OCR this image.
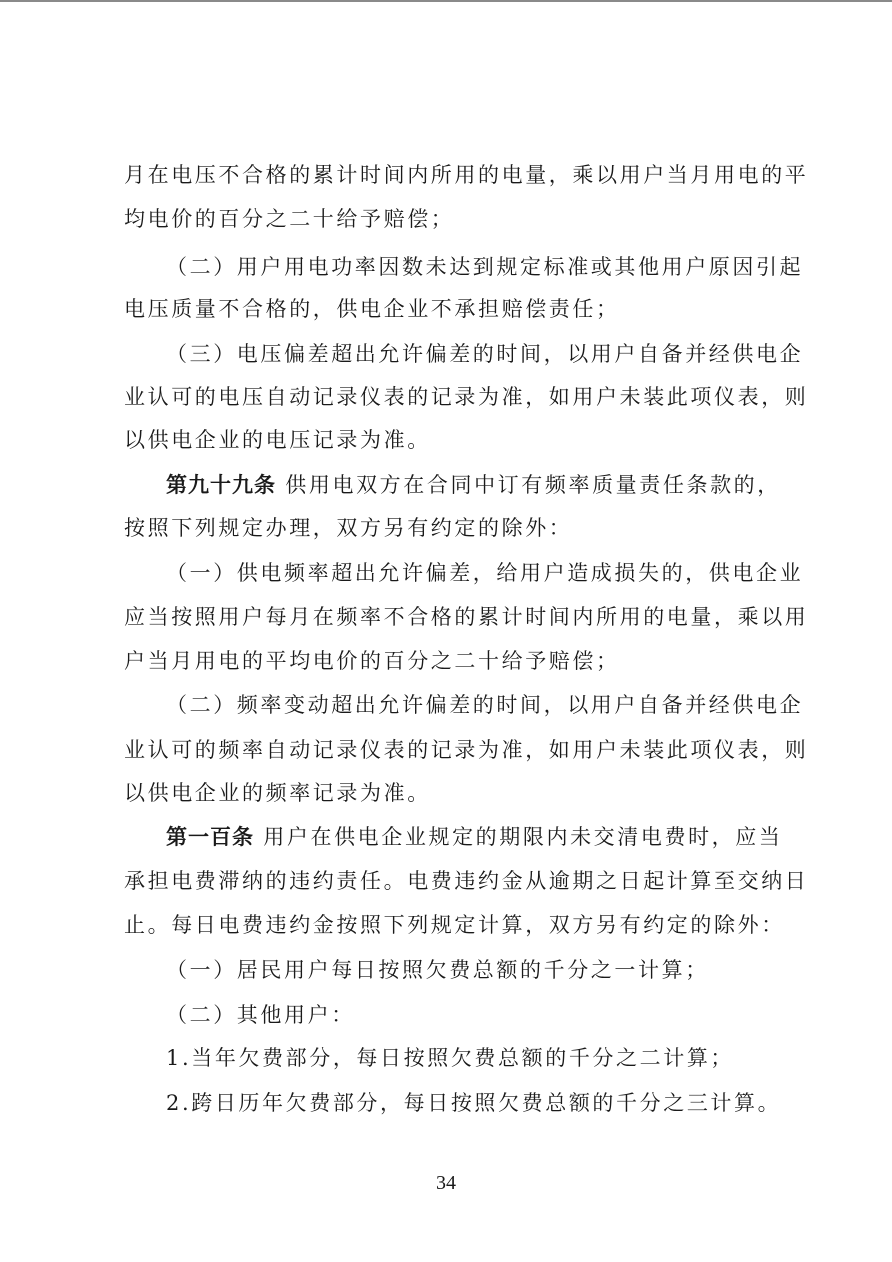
月在电压不合格的累计时间内所用的电量，乘以用户当月用电的平
均电价的百分之二十给予赔偿；
（二）用户用电功率因数未达到规定标准或其他用户原因引起
电压质量不合格的，供电企业不承担赔偿责任；
（三）电压偏差超出允许偏差的时间，以用户自备并经供电企
业认可的电压自动记录仪表的记录为准，如用户未装此项仪表，则
以供电企业的电压记录为准。
第九十九条 供用电双方在合同中订有频率质量责任条款的，
按照下列规定办理，双方另有约定的除外：
（一）供电频率超出允许偏差，给用户造成损失的，供电企业
应当按照用户每月在频率不合格的累计时间内所用的电量，乘以用
户当月用电的平均电价的百分之二十给予赔偿；
（二）频率变动超出允许偏差的时间，以用户自备并经供电企
业认可的频率自动记录仪表的记录为准，如用户未装此项仪表，则
以供电企业的频率记录为准。
第一百条 用户在供电企业规定的期限内未交清电费时，应当
承担电费滞纳的违约责任。电费违约金从逾期之日起计算至交纳日
止。每日电费违约金按照下列规定计算，双方另有约定的除外：
（一）居民用户每日按照欠费总额的千分之一计算；
（二）其他用户：
1.当年欠费部分，每日按照欠费总额的千分之二计算；
2.跨日历年欠费部分，每日按照欠费总额的千分之三计算。
34
